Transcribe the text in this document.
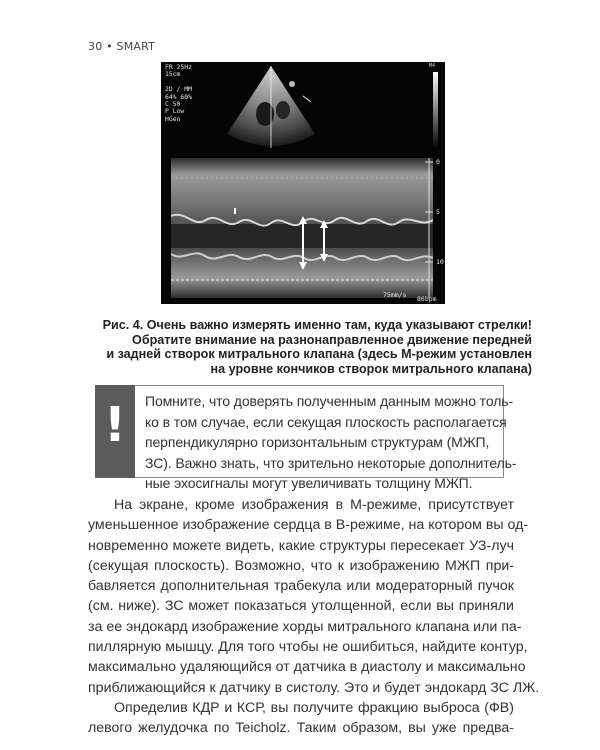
30 • SMART
FR 25Hz
15cm

2D / MM
64% 60%
C 50
P Low
HGen
M4
0
5
10
75mm/s 86bpm
Рис. 4. Очень важно измерять именно там, куда указывают стрелки!
Обратите внимание на разнонаправленное движение передней
и задней створок митрального клапана (здесь М-режим установлен
на уровне кончиков створок митрального клапана)
! Помните, что доверять полученным данным можно толь-
ко в том случае, если секущая плоскость располагается
перпендикулярно горизонтальным структурам (МЖП,
ЗС). Важно знать, что зрительно некоторые дополнитель-
ные эхосигналы могут увеличивать толщину МЖП.
На экране, кроме изображения в М-режиме, присутствует
уменьшенное изображение сердца в В-режиме, на котором вы од-
новременно можете видеть, какие структуры пересекает УЗ-луч
(секущая плоскость). Возможно, что к изображению МЖП при-
бавляется дополнительная трабекула или модераторный пучок
(см. ниже). ЗС может показаться утолщенной, если вы приняли
за ее эндокард изображение хорды митрального клапана или па-
пиллярную мышцу. Для того чтобы не ошибиться, найдите контур,
максимально удаляющийся от датчика в диастолу и максимально
приближающийся к датчику в систолу. Это и будет эндокард ЗС ЛЖ.
Определив КДР и КСР, вы получите фракцию выброса (ФВ)
левого желудочка по Teicholz. Таким образом, вы уже предва-
